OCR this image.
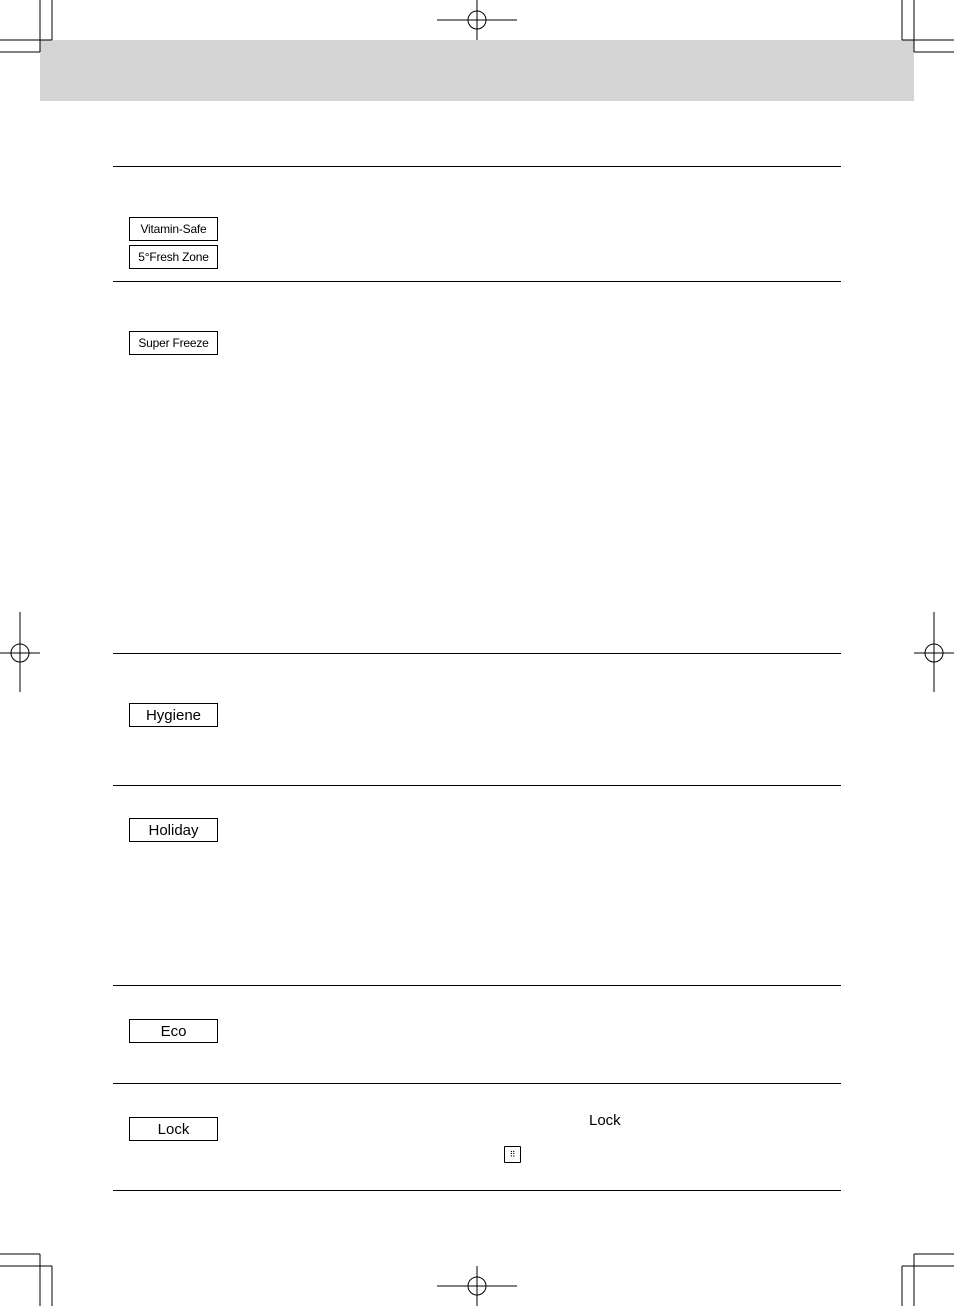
Vitamin-Safe
5°Fresh Zone
Super Freeze
Hygiene
Holiday
Eco
Lock	Lock
⠿
